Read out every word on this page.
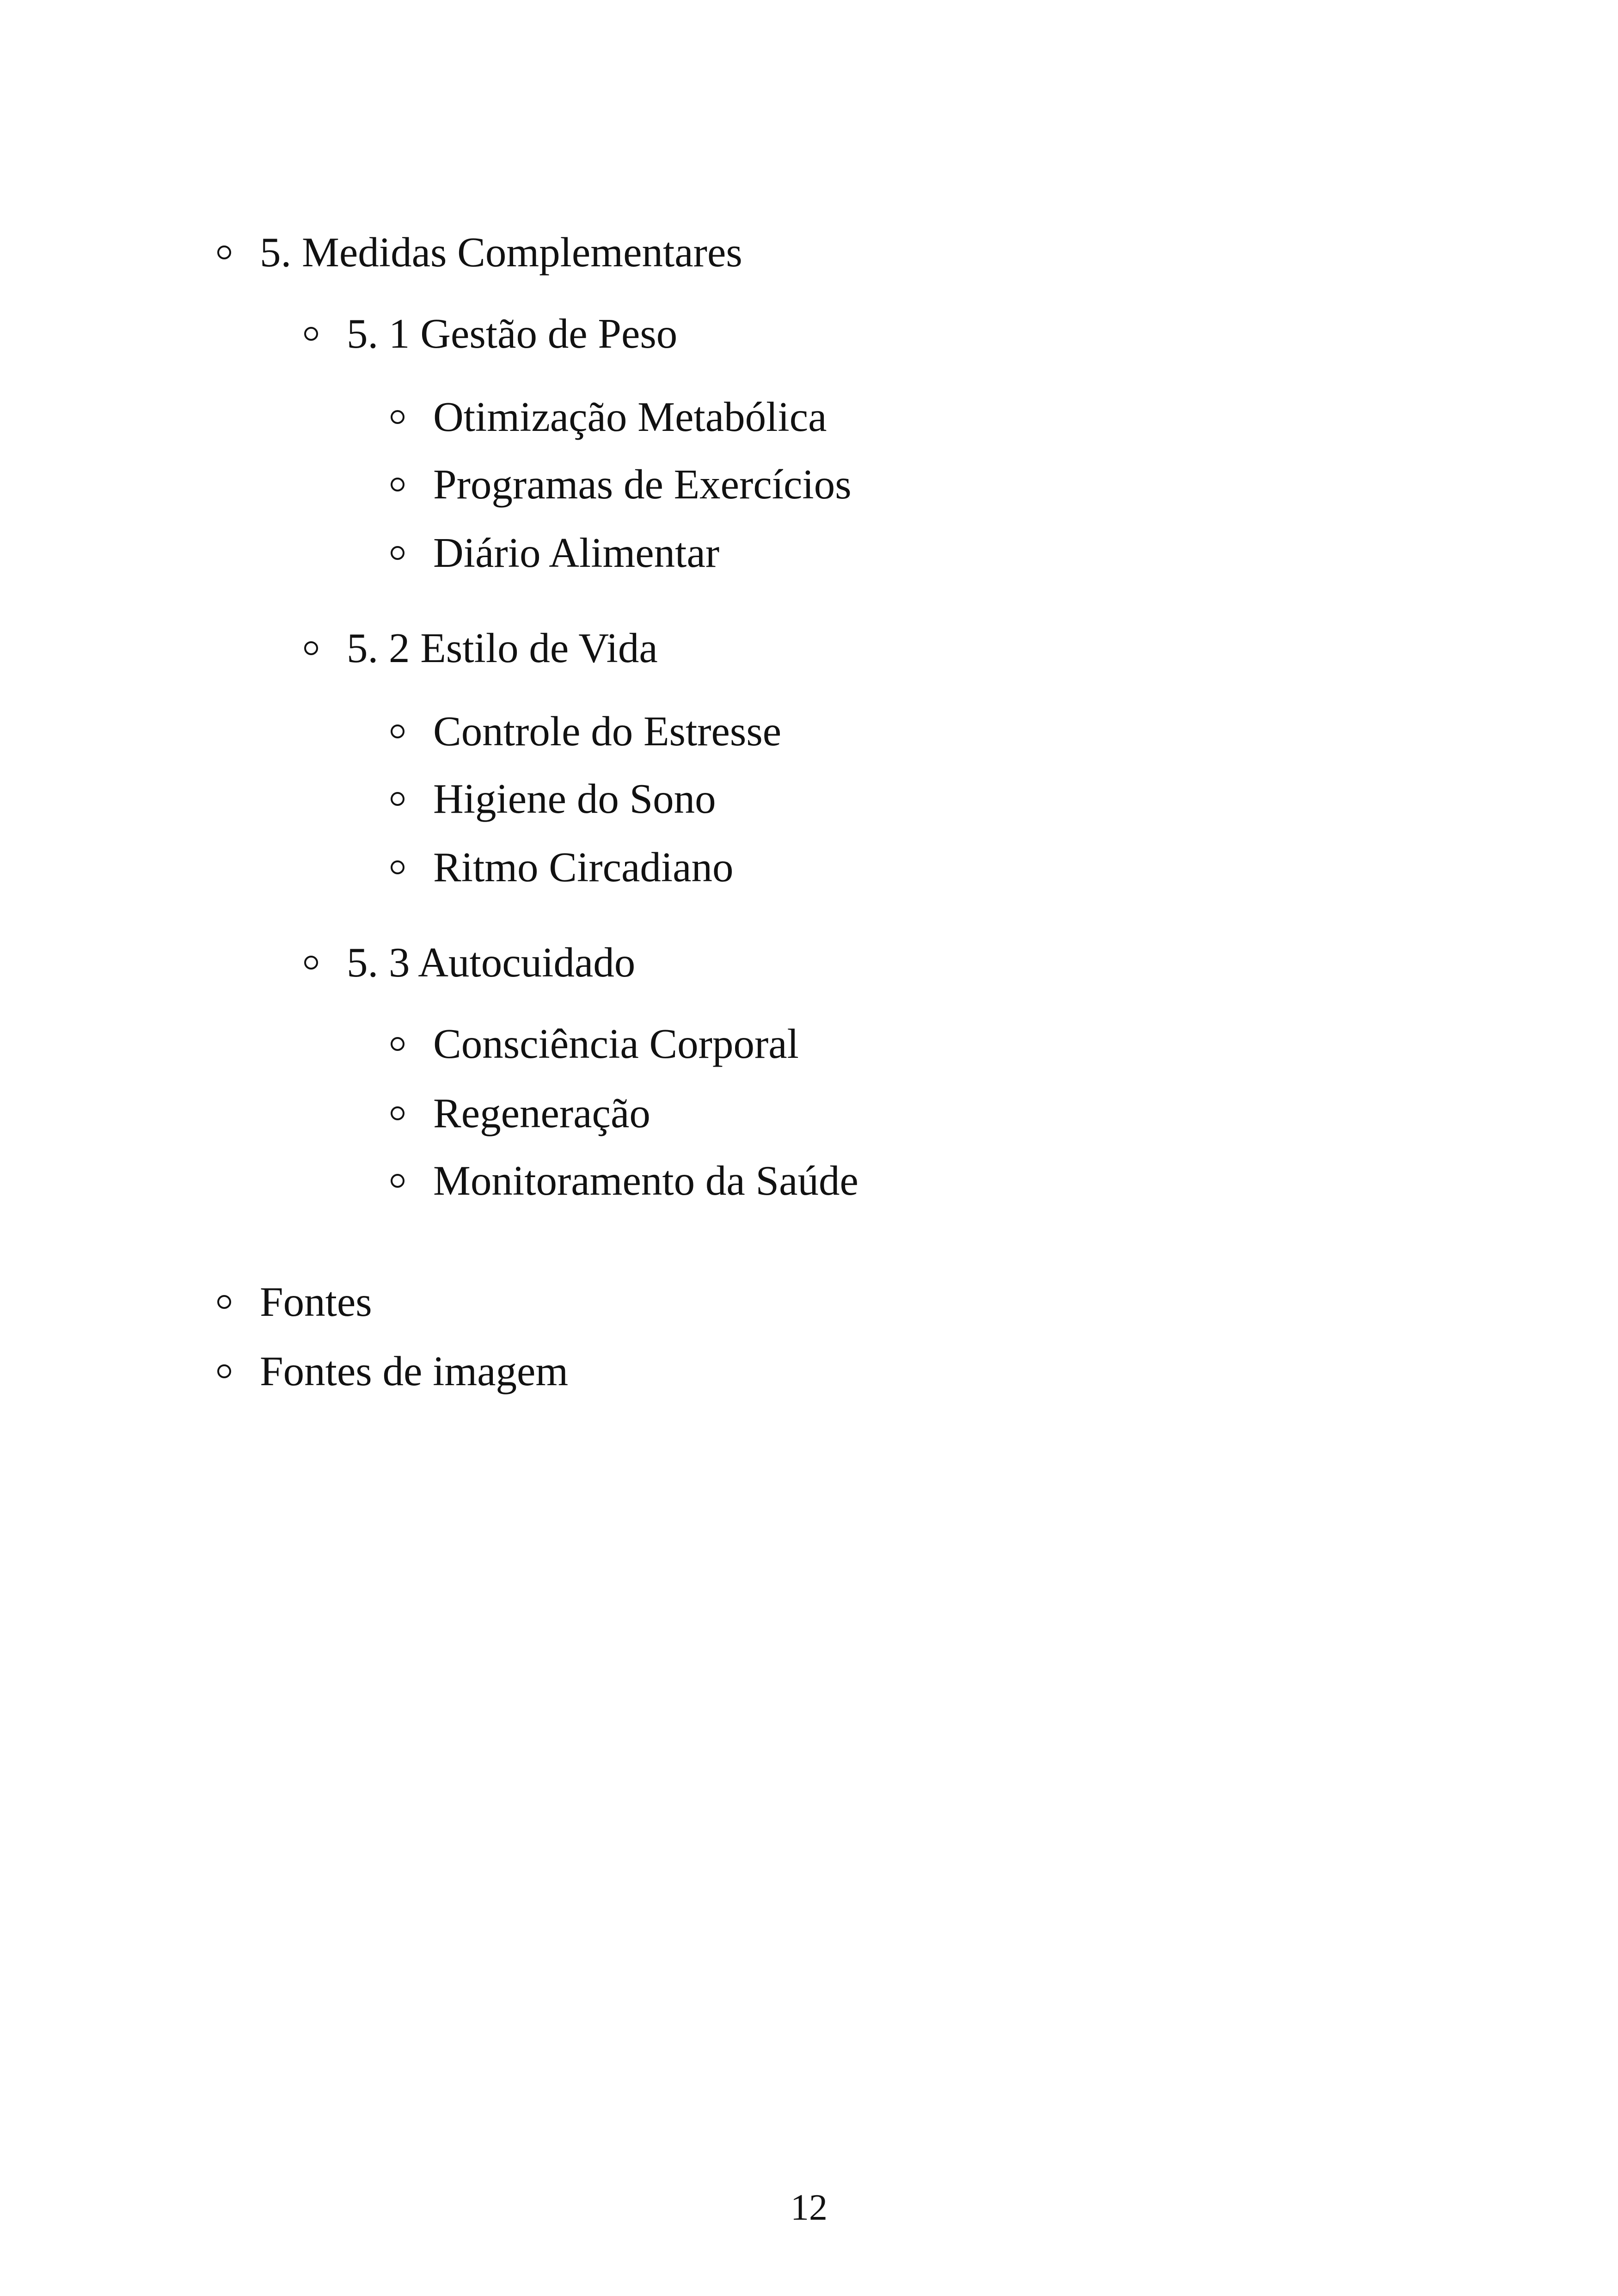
5. Medidas Complementares
5. 1 Gestão de Peso
Otimização Metabólica
Programas de Exercícios
Diário Alimentar
5. 2 Estilo de Vida
Controle do Estresse
Higiene do Sono
Ritmo Circadiano
5. 3 Autocuidado
Consciência Corporal
Regeneração
Monitoramento da Saúde
Fontes
Fontes de imagem
12
